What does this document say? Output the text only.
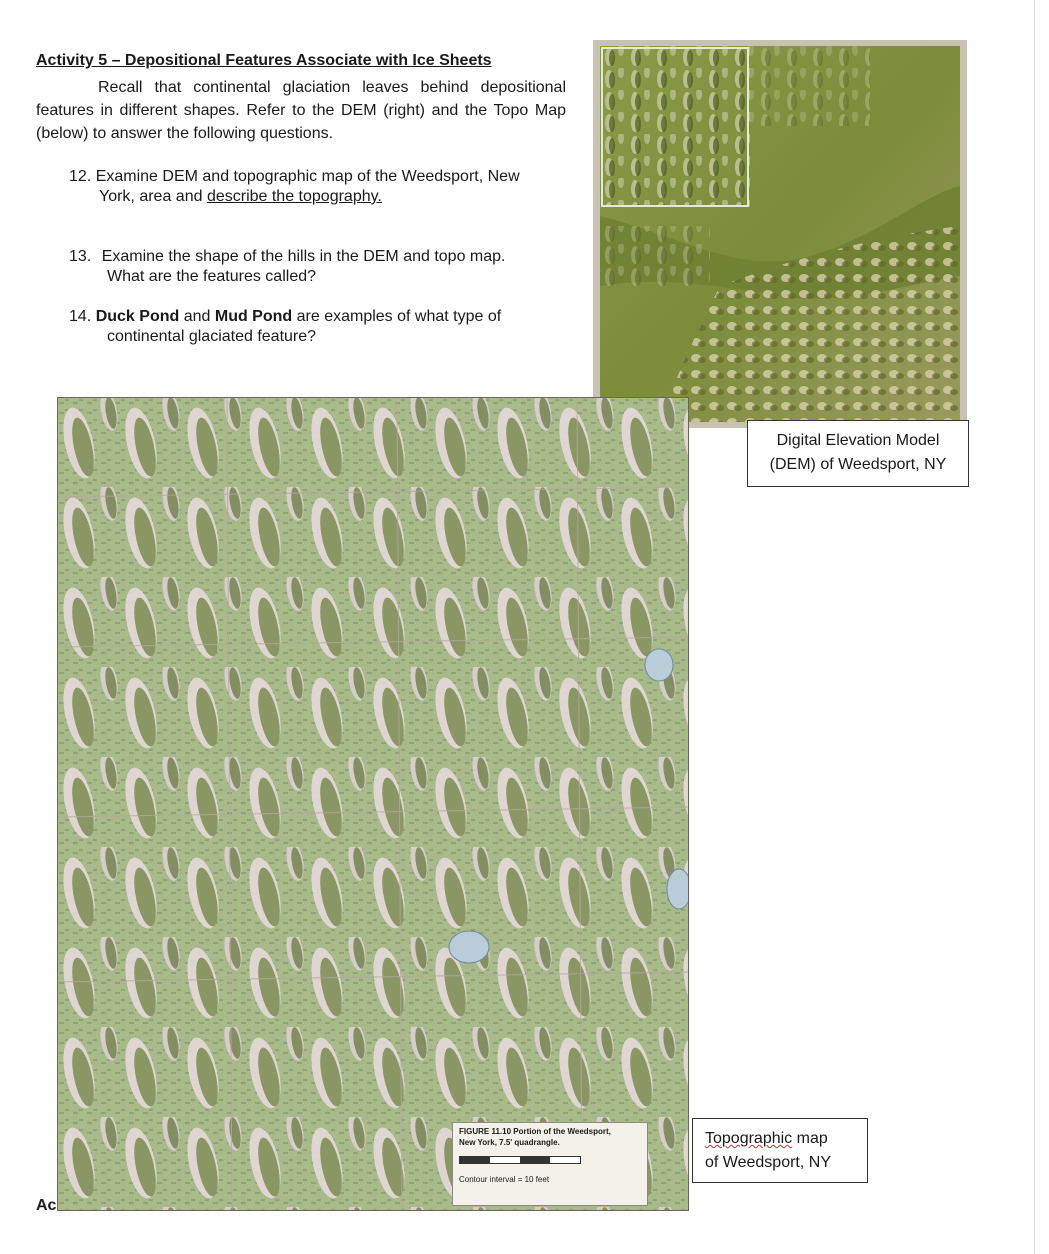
Activity 5 – Depositional Features Associate with Ice Sheets
Recall that continental glaciation leaves behind depositional features in different shapes. Refer to the DEM (right) and the Topo Map (below) to answer the following questions.
12. Examine DEM and topographic map of the Weedsport, New
York, area and describe the topography.
13. Examine the shape of the hills in the DEM and topo map.
What are the features called?
14. Duck Pond and Mud Pond are examples of what type of
continental glaciated feature?
FIGURE 11.10 Portion of the Weedsport,
New York, 7.5' quadrangle.
Contour interval = 10 feet
Digital Elevation Model
(DEM) of Weedsport, NY
Topographic map
of Weedsport, NY
Ac
